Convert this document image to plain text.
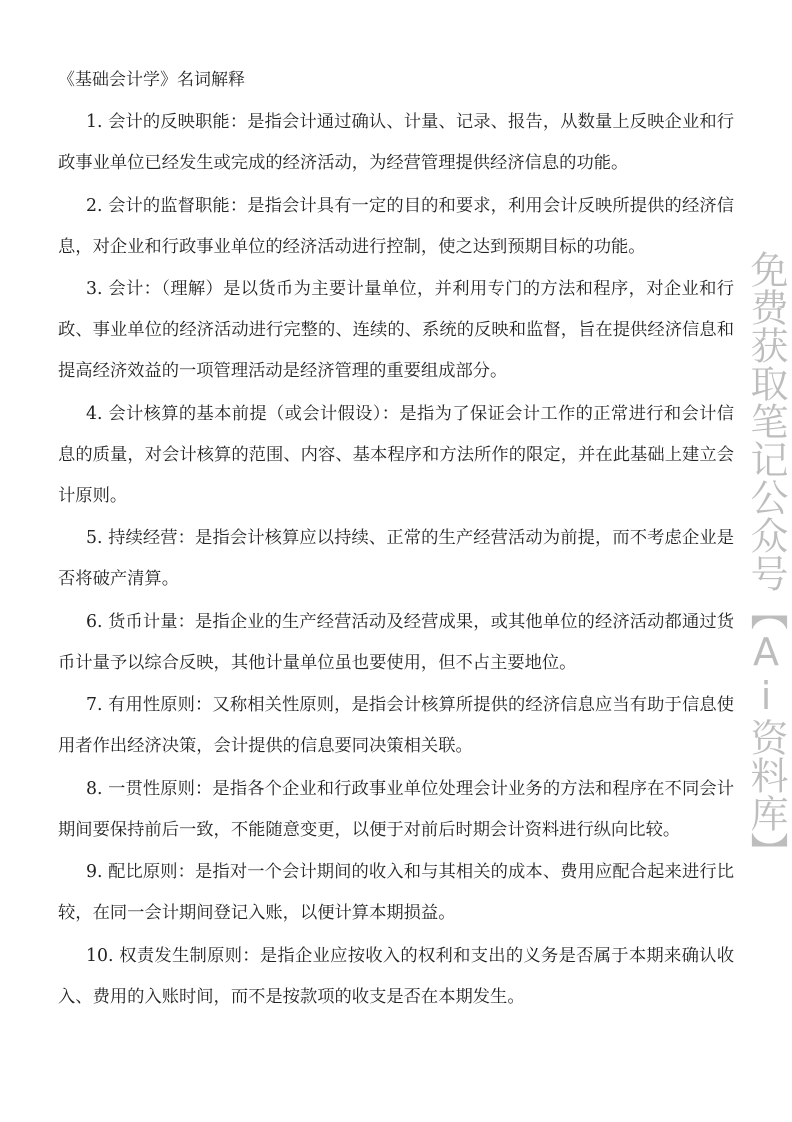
《基础会计学》名词解释

1. 会计的反映职能：是指会计通过确认、计量、记录、报告，从数量上反映企业和行政事业单位已经发生或完成的经济活动，为经营管理提供经济信息的功能。

2. 会计的监督职能：是指会计具有一定的目的和要求，利用会计反映所提供的经济信息，对企业和行政事业单位的经济活动进行控制，使之达到预期目标的功能。

3. 会计：（理解）是以货币为主要计量单位，并利用专门的方法和程序，对企业和行政、事业单位的经济活动进行完整的、连续的、系统的反映和监督，旨在提供经济信息和提高经济效益的一项管理活动是经济管理的重要组成部分。

4. 会计核算的基本前提（或会计假设）：是指为了保证会计工作的正常进行和会计信息的质量，对会计核算的范围、内容、基本程序和方法所作的限定，并在此基础上建立会计原则。

5. 持续经营：是指会计核算应以持续、正常的生产经营活动为前提，而不考虑企业是否将破产清算。

6. 货币计量：是指企业的生产经营活动及经营成果，或其他单位的经济活动都通过货币计量予以综合反映，其他计量单位虽也要使用，但不占主要地位。

7. 有用性原则：又称相关性原则，是指会计核算所提供的经济信息应当有助于信息使用者作出经济决策，会计提供的信息要同决策相关联。

8. 一贯性原则：是指各个企业和行政事业单位处理会计业务的方法和程序在不同会计期间要保持前后一致，不能随意变更，以便于对前后时期会计资料进行纵向比较。

9. 配比原则：是指对一个会计期间的收入和与其相关的成本、费用应配合起来进行比较，在同一会计期间登记入账，以便计算本期损益。

10. 权责发生制原则：是指企业应按收入的权利和支出的义务是否属于本期来确认收入、费用的入账时间，而不是按款项的收支是否在本期发生。

免费获取笔记公众号【Ai资料库】
